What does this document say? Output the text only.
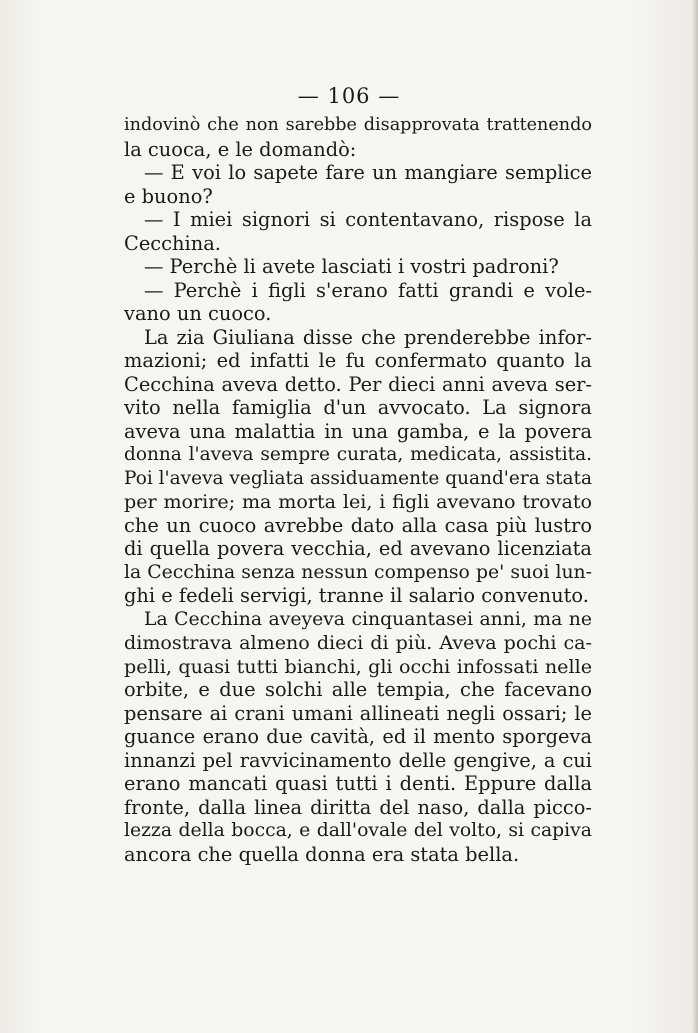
— 106 —
indovinò che non sarebbe disapprovata trattenendo
la cuoca, e le domandò:
— E voi lo sapete fare un mangiare semplice
e buono?
— I miei signori si contentavano, rispose la
Cecchina.
— Perchè li avete lasciati i vostri padroni?
— Perchè i figli s'erano fatti grandi e vole-
vano un cuoco.
La zia Giuliana disse che prenderebbe infor-
mazioni; ed infatti le fu confermato quanto la
Cecchina aveva detto. Per dieci anni aveva ser-
vito nella famiglia d'un avvocato. La signora
aveva una malattia in una gamba, e la povera
donna l'aveva sempre curata, medicata, assistita.
Poi l'aveva vegliata assiduamente quand'era stata
per morire; ma morta lei, i figli avevano trovato
che un cuoco avrebbe dato alla casa più lustro
di quella povera vecchia, ed avevano licenziata
la Cecchina senza nessun compenso pe' suoi lun-
ghi e fedeli servigi, tranne il salario convenuto.
La Cecchina aveyeva cinquantasei anni, ma ne
dimostrava almeno dieci di più. Aveva pochi ca-
pelli, quasi tutti bianchi, gli occhi infossati nelle
orbite, e due solchi alle tempia, che facevano
pensare ai crani umani allineati negli ossari; le
guance erano due cavità, ed il mento sporgeva
innanzi pel ravvicinamento delle gengive, a cui
erano mancati quasi tutti i denti. Eppure dalla
fronte, dalla linea diritta del naso, dalla picco-
lezza della bocca, e dall'ovale del volto, si capiva
ancora che quella donna era stata bella.
